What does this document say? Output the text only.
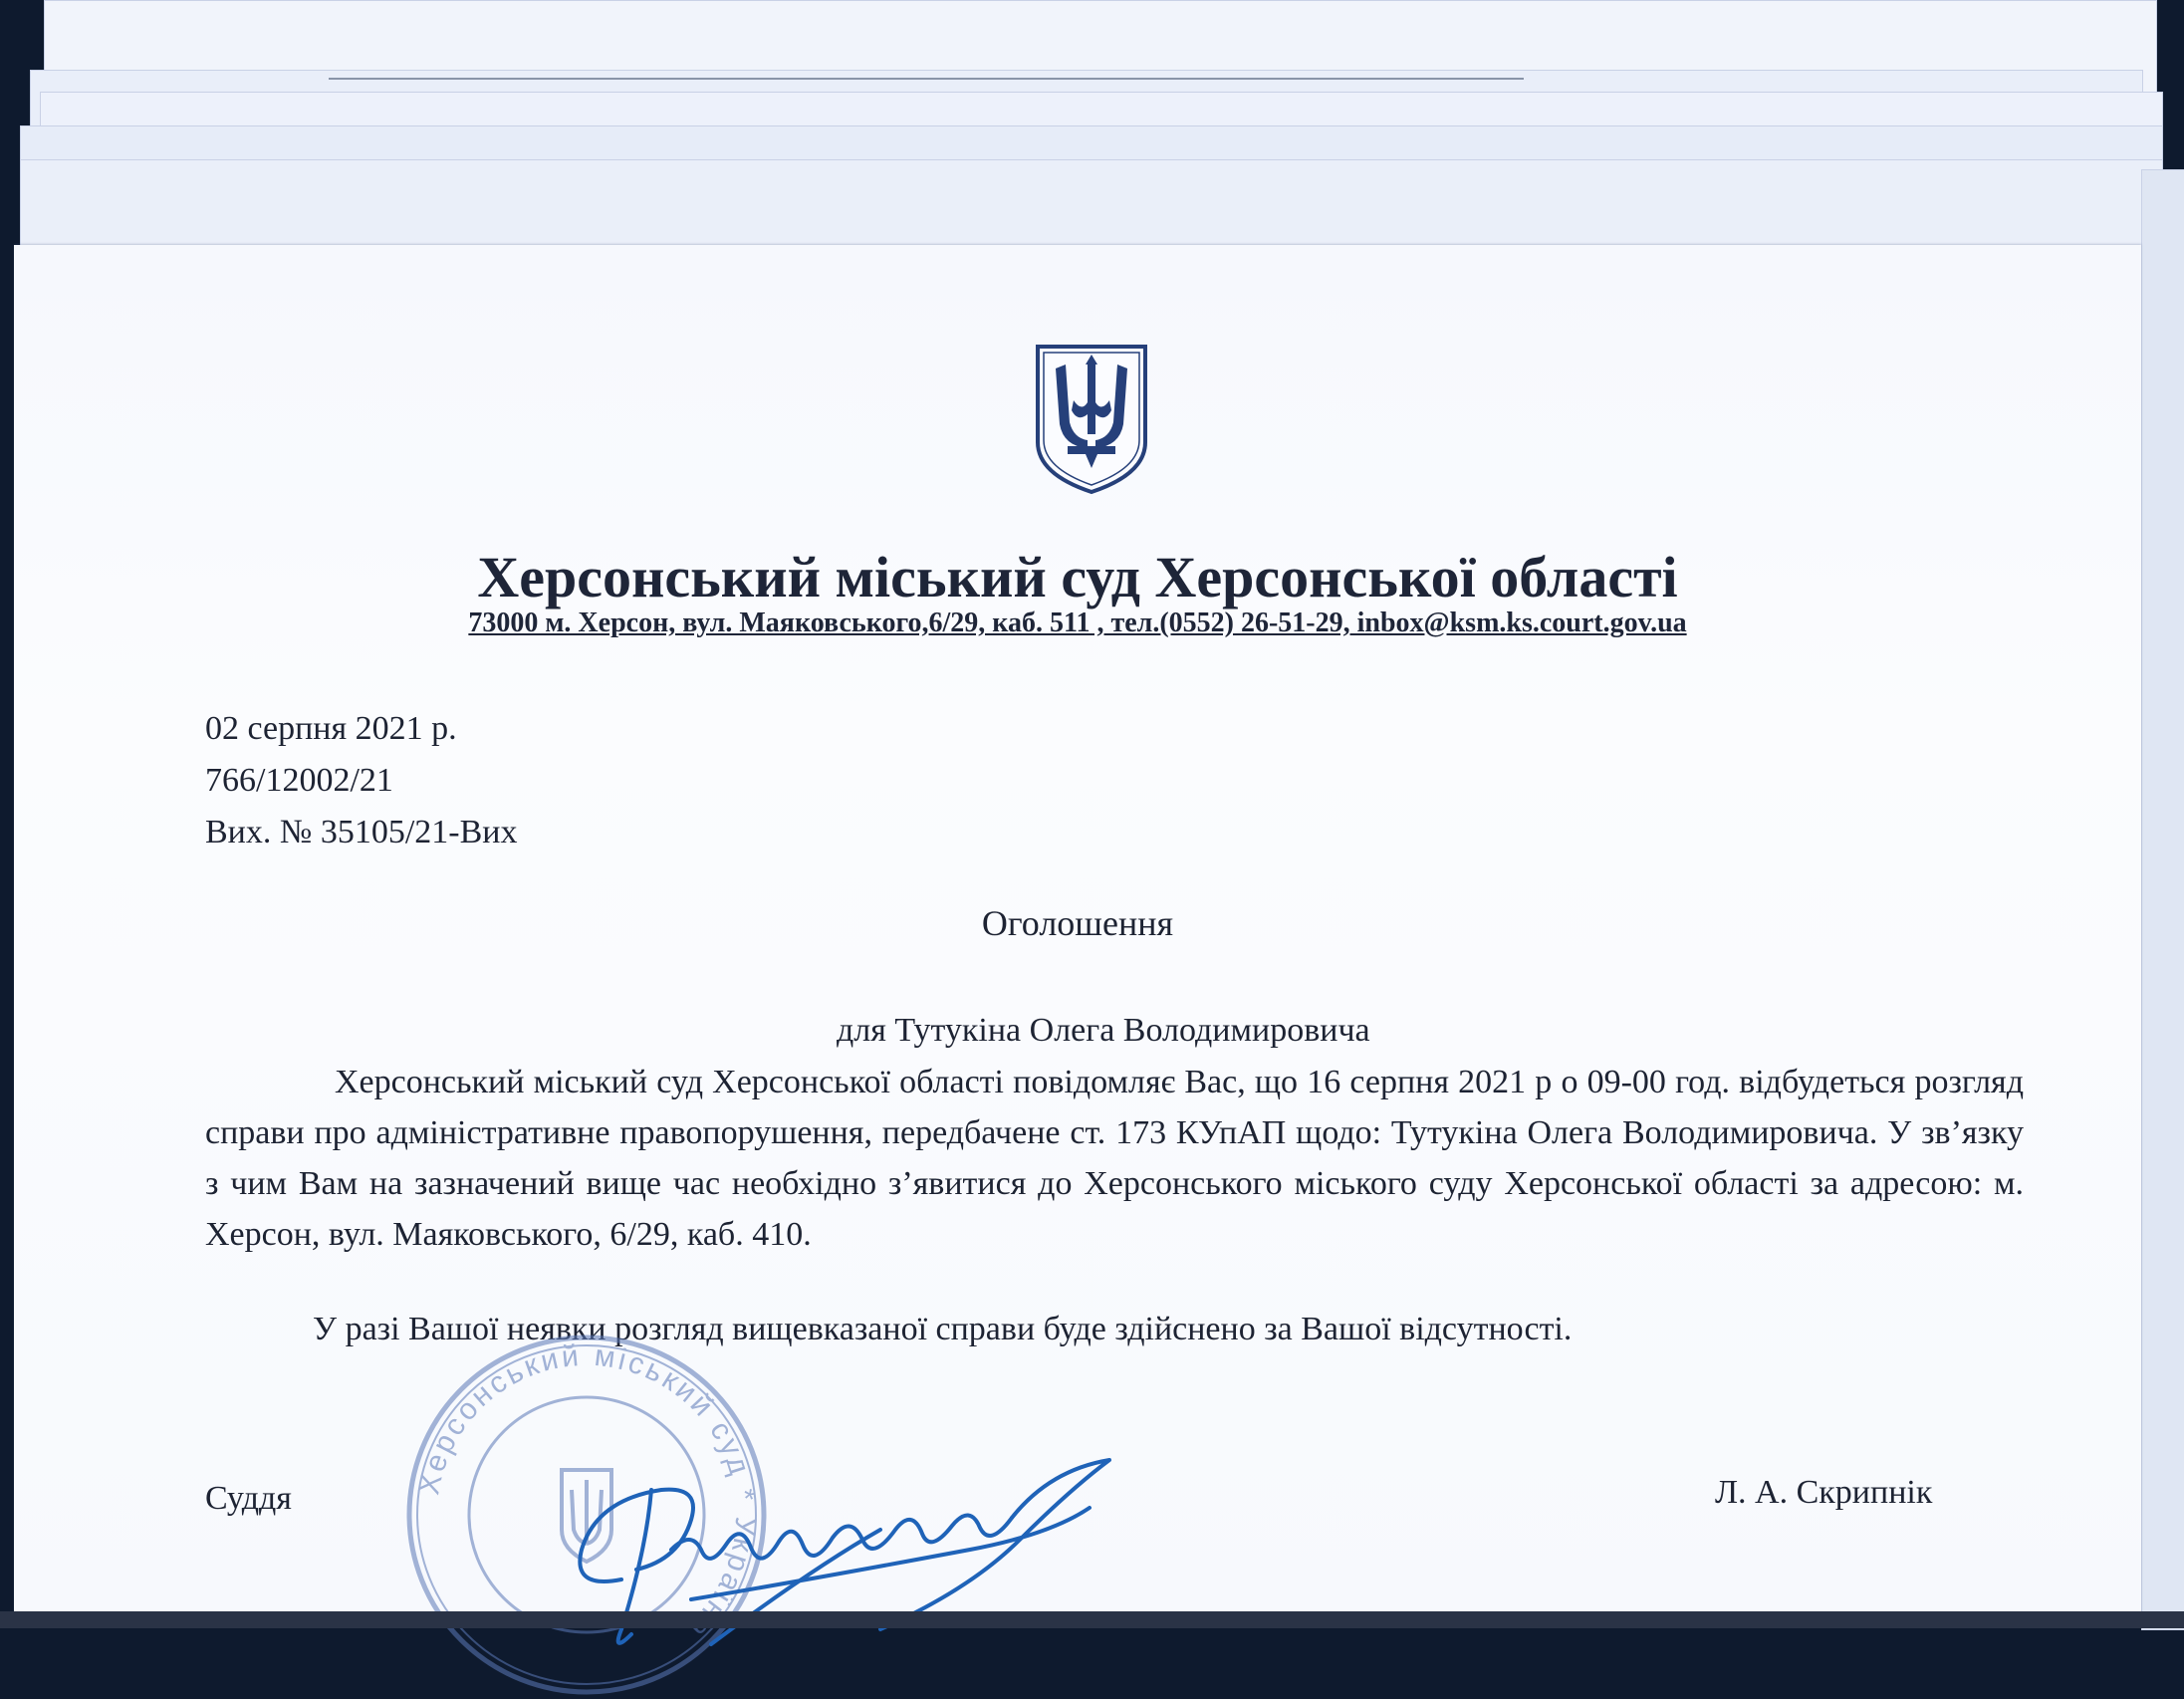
Херсонський міський суд Херсонської області
73000 м. Херсон, вул. Маяковського,6/29, каб. 511 , тел.(0552) 26-51-29, inbox@ksm.ks.court.gov.ua
02 серпня 2021 р.
766/12002/21
Вих. № 35105/21-Вих
Оголошення
для Тутукіна Олега Володимировича

Херсонський міський суд Херсонської області повідомляє Вас, що 16 серпня 2021 р о 09-00 год. відбудеться розгляд справи про адміністративне правопорушення, передбачене ст. 173 КУпАП щодо: Тутукіна Олега Володимировича. У зв’язку з чим Вам на зазначений вище час необхідно з’явитися до Херсонського міського суду Херсонської області за адресою: м. Херсон, вул. Маяковського, 6/29, каб. 410.

У разі Вашої неявки розгляд вищевказаної справи буде здійснено за Вашої відсутності.
Херсонський міський суд * Украї
Суддя	Л. А. Скрипнік
